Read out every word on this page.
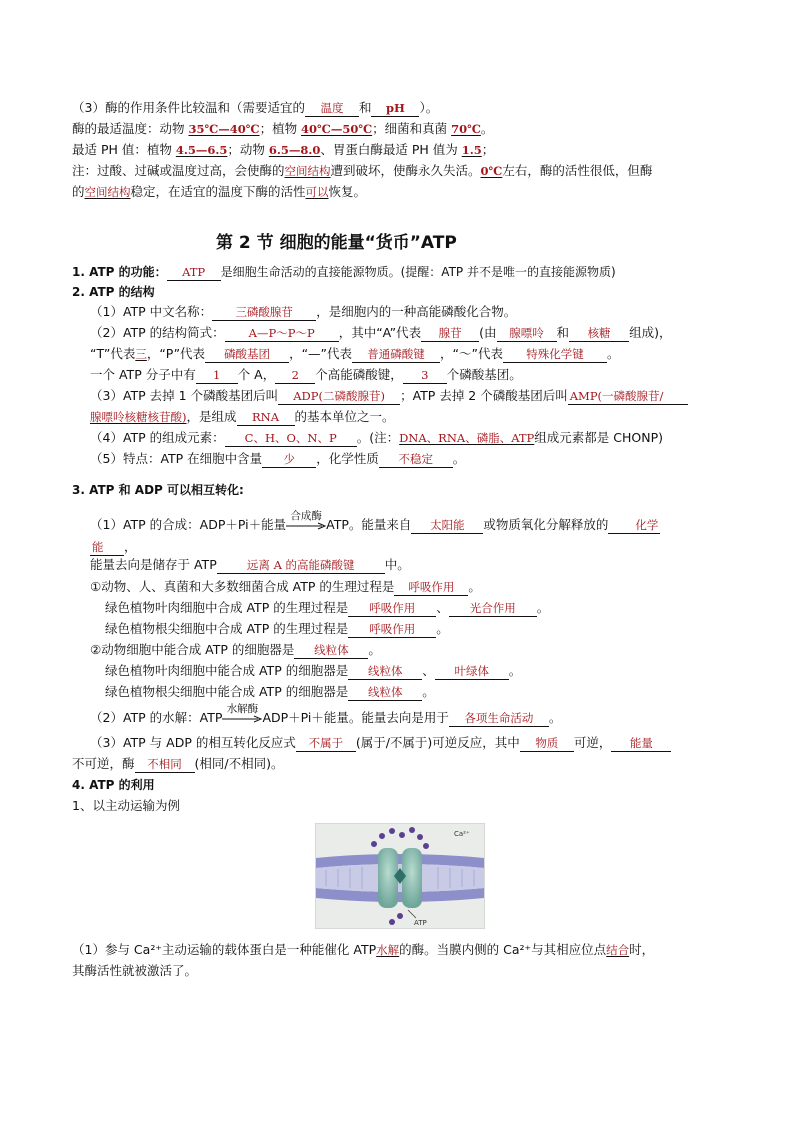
（3）酶的作用条件比较温和（需要适宜的 温度 和 pH ）。
酶的最适温度：动物 35℃—40℃；植物 40℃—50℃；细菌和真菌 70℃。
最适 PH 值：植物 4.5—6.5；动物 6.5—8.0、胃蛋白酶最适 PH 值为 1.5；
注：过酸、过碱或温度过高，会使酶的空间结构遭到破坏，使酶永久失活。0℃左右，酶的活性很低，但酶
的空间结构稳定，在适宜的温度下酶的活性可以恢复。
第 2 节 细胞的能量“货币”ATP
1. ATP 的功能： ATP 是细胞生命活动的直接能源物质。(提醒：ATP 并不是唯一的直接能源物质)
2. ATP 的结构
（1）ATP 中文名称： 三磷酸腺苷 ，是细胞内的一种高能磷酸化合物。
（2）ATP 的结构简式： A—P～P～P ，其中“A”代表 腺苷 (由 腺嘌呤 和 核糖 组成)，
“T”代表三，“P”代表 磷酸基团 ，“—”代表 普通磷酸键 ，“～”代表 特殊化学键 。
一个 ATP 分子中有 1 个 A， 2 个高能磷酸键， 3 个磷酸基团。
（3）ATP 去掉 1 个磷酸基团后叫 ADP(二磷酸腺苷) ；ATP 去掉 2 个磷酸基团后叫 AMP(一磷酸腺苷/
腺嘌呤核糖核苷酸)，是组成 RNA 的基本单位之一。
（4）ATP 的组成元素： C、H、O、N、P 。(注：DNA、RNA、磷脂、ATP组成元素都是 CHONP)
（5）特点：ATP 在细胞中含量 少 ，化学性质 不稳定 。
3. ATP 和 ADP 可以相互转化:
（1）ATP 的合成：ADP＋Pi＋能量
合成酶
ATP。能量来自 太阳能 或物质氧化分解释放的 化学
能 ，
能量去向是储存于 ATP	远离 A 的高能磷酸键 中。
①动物、人、真菌和大多数细菌合成 ATP 的生理过程是 呼吸作用 。
绿色植物叶肉细胞中合成 ATP 的生理过程是 呼吸作用 、 光合作用 。
绿色植物根尖细胞中合成 ATP 的生理过程是 呼吸作用 。
②动物细胞中能合成 ATP 的细胞器是 线粒体 。
绿色植物叶肉细胞中能合成 ATP 的细胞器是 线粒体 、 叶绿体 。
绿色植物根尖细胞中能合成 ATP 的细胞器是 线粒体 。
（2）ATP 的水解：ATP
水解酶
ADP＋Pi＋能量。能量去向是用于 各项生命活动 。
（3）ATP 与 ADP 的相互转化反应式 不属于 (属于/不属于)可逆反应，其中 物质 可逆， 能量
不可逆，酶 不相同 (相同/不相同)。
4. ATP 的利用
1、以主动运输为例
Ca²⁺
ATP
（1）参与 Ca²⁺主动运输的载体蛋白是一种能催化 ATP水解的酶。当膜内侧的 Ca²⁺与其相应位点结合时，
其酶活性就被激活了。
